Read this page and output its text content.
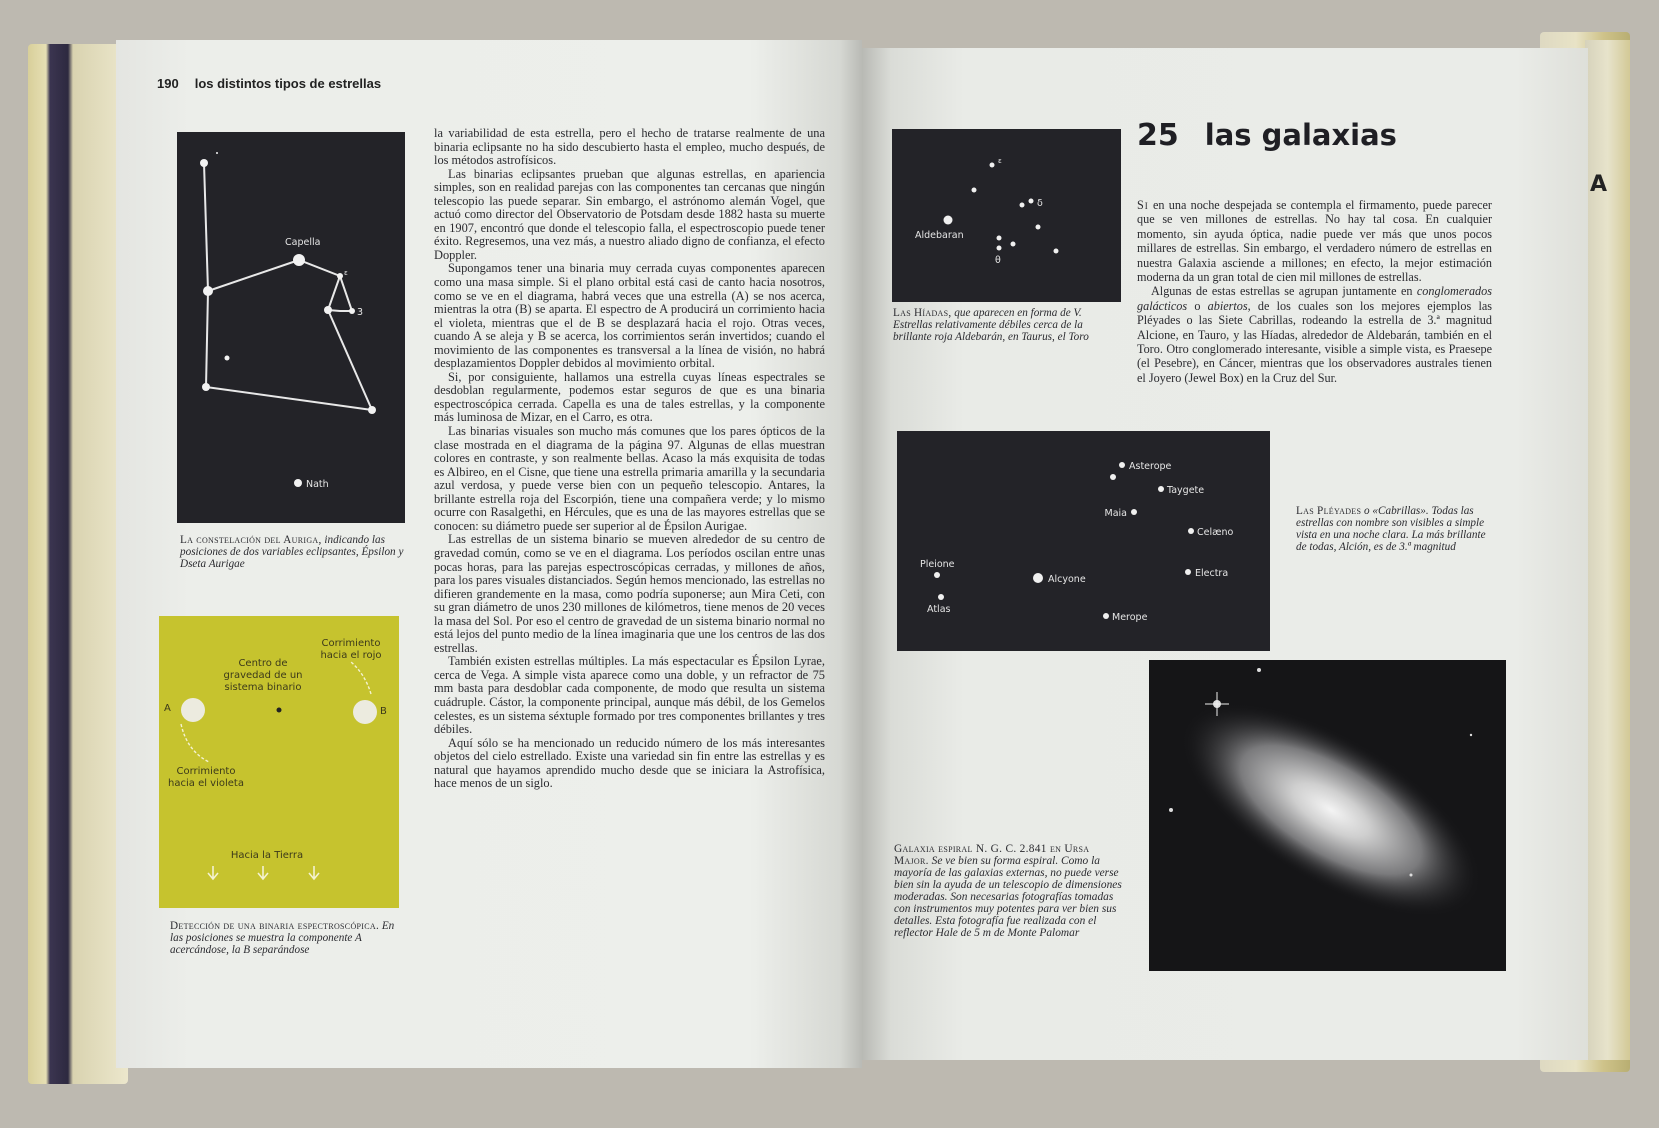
A
190 los distintos tipos de estrellas
Capella
ε
3
Nath
La constelación del Auriga, indicando las posiciones de dos variables eclipsantes, Épsilon y Dseta Aurigae
Corrimiento hacia el rojo
Centro de gravedad de un sistema binario
A	B
Corrimiento hacia el violeta
Hacia la Tierra
Detección de una binaria espectroscópica. En las posiciones se muestra la componente A acercándose, la B separándose

la variabilidad de esta estrella, pero el hecho de tratarse realmente de una binaria eclipsante no ha sido descubierto hasta el empleo, mucho después, de los métodos astrofísicos.

Las binarias eclipsantes prueban que algunas estrellas, en apariencia simples, son en realidad parejas con las componentes tan cercanas que ningún telescopio las puede separar. Sin embargo, el astrónomo alemán Vogel, que actuó como director del Observatorio de Potsdam desde 1882 hasta su muerte en 1907, encontró que donde el telescopio falla, el espectroscopio puede tener éxito. Regresemos, una vez más, a nuestro aliado digno de confianza, el efecto Doppler.

Supongamos tener una binaria muy cerrada cuyas componentes aparecen como una masa simple. Si el plano orbital está casi de canto hacia nosotros, como se ve en el diagrama, habrá veces que una estrella (A) se nos acerca, mientras la otra (B) se aparta. El espectro de A producirá un corrimiento hacia el violeta, mientras que el de B se desplazará hacia el rojo. Otras veces, cuando A se aleja y B se acerca, los corrimientos serán invertidos; cuando el movimiento de las componentes es transversal a la línea de visión, no habrá desplazamientos Doppler debidos al movimiento orbital.

Si, por consiguiente, hallamos una estrella cuyas líneas espectrales se desdoblan regularmente, podemos estar seguros de que es una binaria espectroscópica cerrada. Capella es una de tales estrellas, y la componente más luminosa de Mizar, en el Carro, es otra.

Las binarias visuales son mucho más comunes que los pares ópticos de la clase mostrada en el diagrama de la página 97. Algunas de ellas muestran colores en contraste, y son realmente bellas. Acaso la más exquisita de todas es Albireo, en el Cisne, que tiene una estrella primaria amarilla y la secundaria azul verdosa, y puede verse bien con un pequeño telescopio. Antares, la brillante estrella roja del Escorpión, tiene una compañera verde; y lo mismo ocurre con Rasalgethi, en Hércules, que es una de las mayores estrellas que se conocen: su diámetro puede ser superior al de Épsilon Aurigae.

Las estrellas de un sistema binario se mueven alrededor de su centro de gravedad común, como se ve en el diagrama. Los períodos oscilan entre unas pocas horas, para las parejas espectroscópicas cerradas, y millones de años, para los pares visuales distanciados. Según hemos mencionado, las estrellas no difieren grandemente en la masa, como podría suponerse; aun Mira Ceti, con su gran diámetro de unos 230 millones de kilómetros, tiene menos de 20 veces la masa del Sol. Por eso el centro de gravedad de un sistema binario normal no está lejos del punto medio de la línea imaginaria que une los centros de las dos estrellas.

También existen estrellas múltiples. La más espectacular es Épsilon Lyrae, cerca de Vega. A simple vista aparece como una doble, y un refractor de 75 mm basta para desdoblar cada componente, de modo que resulta un sistema cuádruple. Cástor, la componente principal, aunque más débil, de los Gemelos celestes, es un sistema séxtuple formado por tres componentes brillantes y tres débiles.

Aquí sólo se ha mencionado un reducido número de los más interesantes objetos del cielo estrellado. Existe una variedad sin fin entre las estrellas y es natural que hayamos aprendido mucho desde que se iniciara la Astrofísica, hace menos de un siglo.

Aldebaran
ε
δ
θ
Las Híadas, que aparecen en forma de V. Estrellas relativamente débiles cerca de la brillante roja Aldebarán, en Taurus, el Toro
25 las galaxias

Si en una noche despejada se contempla el firmamento, puede parecer que se ven millones de estrellas. No hay tal cosa. En cualquier momento, sin ayuda óptica, nadie puede ver más que unos pocos millares de estrellas. Sin embargo, el verdadero número de estrellas en nuestra Galaxia asciende a millones; en efecto, la mejor estimación moderna da un gran total de cien mil millones de estrellas.

Algunas de estas estrellas se agrupan juntamente en conglomerados galácticos o abiertos, de los cuales son los mejores ejemplos las Pléyades o las Siete Cabrillas, rodeando la estrella de 3.ª magnitud Alcione, en Tauro, y las Híadas, alrededor de Aldebarán, también en el Toro. Otro conglomerado interesante, visible a simple vista, es Praesepe (el Pesebre), en Cáncer, mientras que los observadores australes tienen el Joyero (Jewel Box) en la Cruz del Sur.

Asterope
Taygete
Maia
Celæno
Pleione
Alcyone
Electra
Atlas
Merope
Las Pléyades o «Cabrillas». Todas las estrellas con nombre son visibles a simple vista en una noche clara. La más brillante de todas, Alción, es de 3.ª magnitud
Galaxia espiral N. G. C. 2.841 en Ursa Major. Se ve bien su forma espiral. Como la mayoría de las galaxias externas, no puede verse bien sin la ayuda de un telescopio de dimensiones moderadas. Son necesarias fotografías tomadas con instrumentos muy potentes para ver bien sus detalles. Esta fotografía fue realizada con el reflector Hale de 5 m de Monte Palomar
